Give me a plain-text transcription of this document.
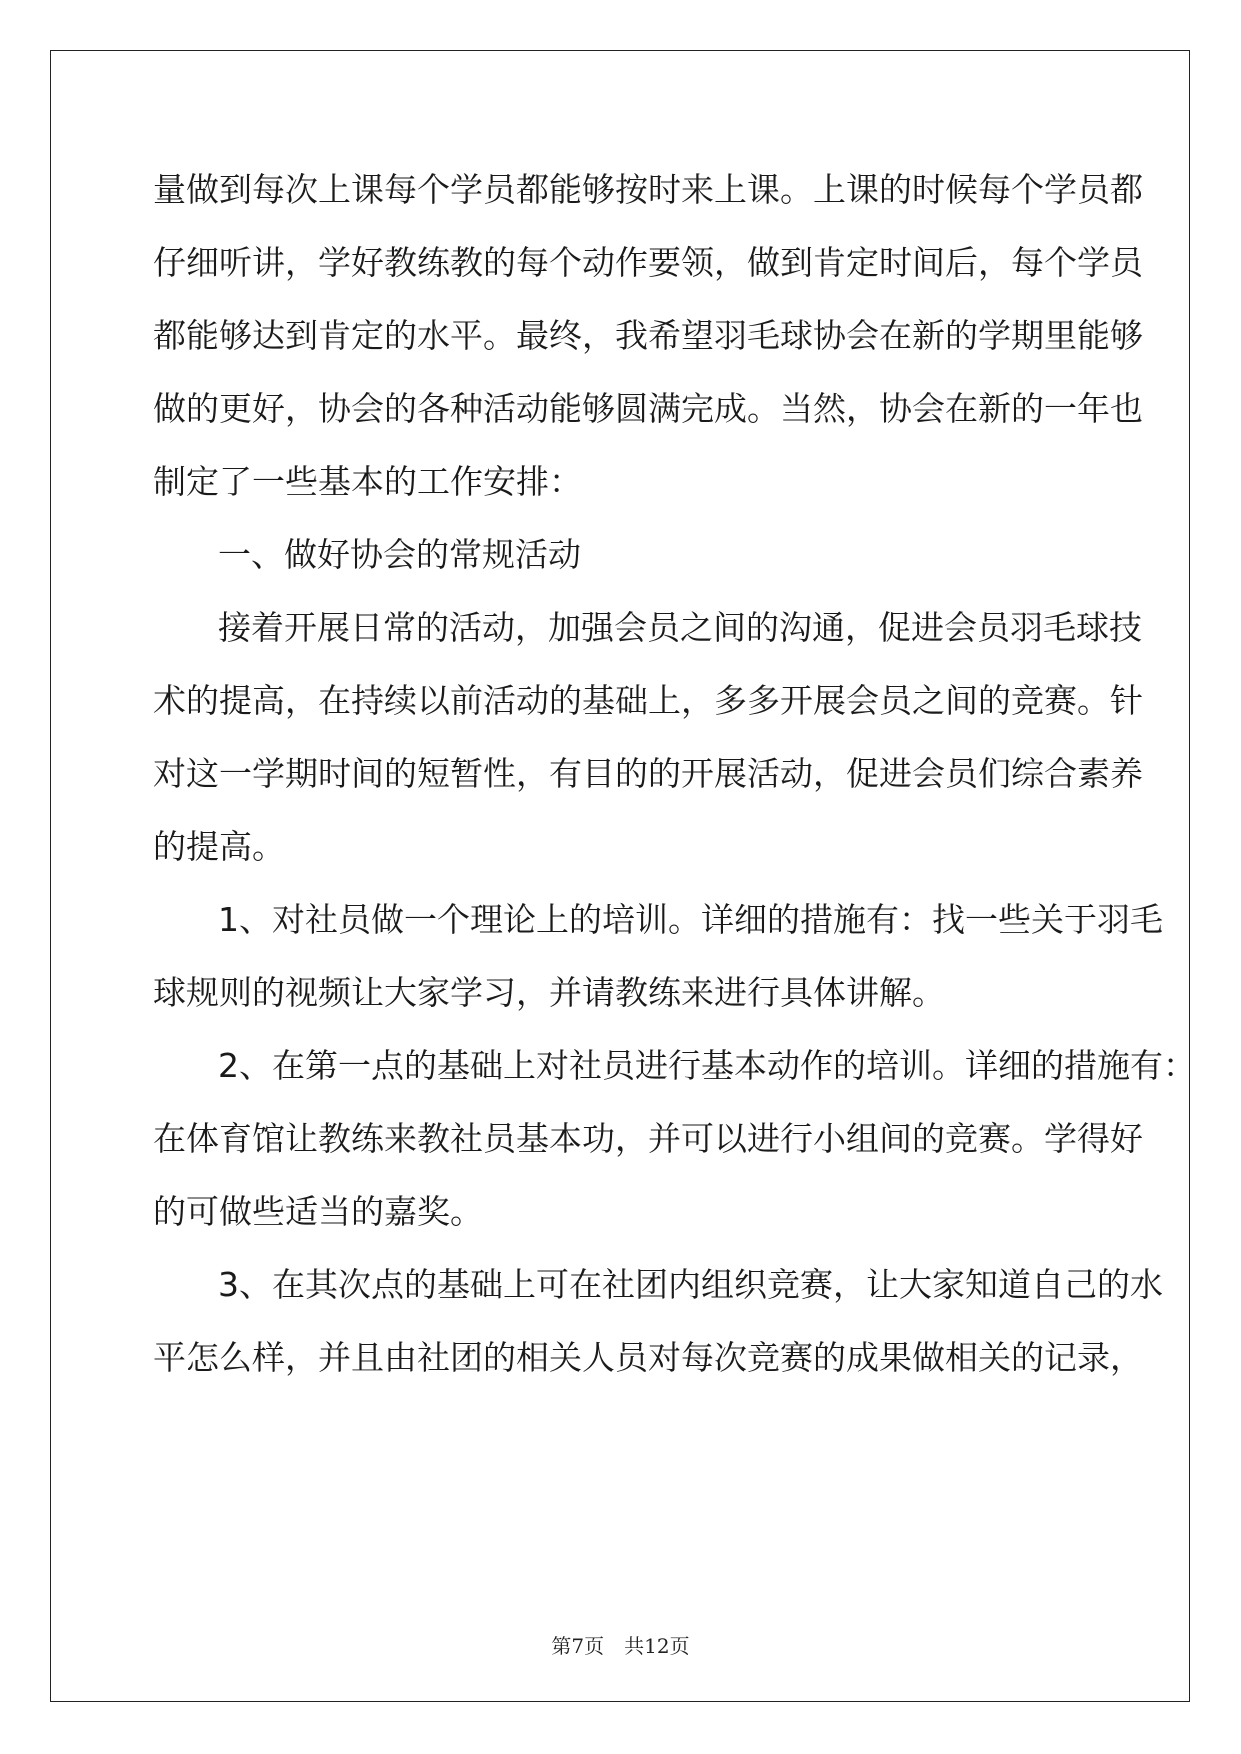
量做到每次上课每个学员都能够按时来上课。上课的时候每个学员都
仔细听讲，学好教练教的每个动作要领，做到肯定时间后，每个学员
都能够达到肯定的水平。最终，我希望羽毛球协会在新的学期里能够
做的更好，协会的各种活动能够圆满完成。当然，协会在新的一年也
制定了一些基本的工作安排：
一、做好协会的常规活动
接着开展日常的活动，加强会员之间的沟通，促进会员羽毛球技
术的提高，在持续以前活动的基础上，多多开展会员之间的竞赛。针
对这一学期时间的短暂性，有目的的开展活动，促进会员们综合素养
的提高。
1、对社员做一个理论上的培训。详细的措施有：找一些关于羽毛
球规则的视频让大家学习，并请教练来进行具体讲解。
2、在第一点的基础上对社员进行基本动作的培训。详细的措施有：
在体育馆让教练来教社员基本功，并可以进行小组间的竞赛。学得好
的可做些适当的嘉奖。
3、在其次点的基础上可在社团内组织竞赛，让大家知道自己的水
平怎么样，并且由社团的相关人员对每次竞赛的成果做相关的记录，
第7页　共12页
